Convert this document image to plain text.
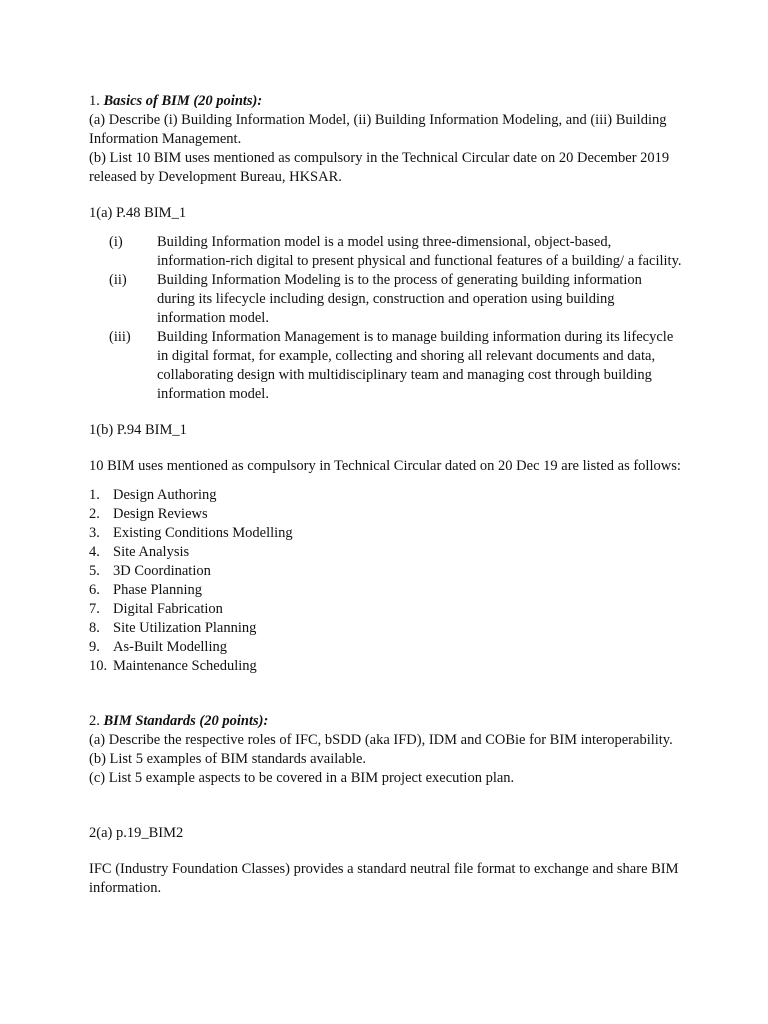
1. Basics of BIM (20 points):

(a) Describe (i) Building Information Model, (ii) Building Information Modeling, and (iii) Building Information Management.

(b) List 10 BIM uses mentioned as compulsory in the Technical Circular date on 20 December 2019 released by Development Bureau, HKSAR.

1(a) P.48 BIM_1

(i)	Building Information model is a model using three-dimensional, object-based, information-rich digital to present physical and functional features of a building/ a facility.
(ii)	Building Information Modeling is to the process of generating building information during its lifecycle including design, construction and operation using building information model.
(iii)	Building Information Management is to manage building information during its lifecycle in digital format, for example, collecting and shoring all relevant documents and data, collaborating design with multidisciplinary team and managing cost through building information model.

1(b) P.94 BIM_1

10 BIM uses mentioned as compulsory in Technical Circular dated on 20 Dec 19 are listed as follows:

1. Design Authoring
2. Design Reviews
3. Existing Conditions Modelling
4. Site Analysis
5. 3D Coordination
6. Phase Planning
7. Digital Fabrication
8. Site Utilization Planning
9. As-Built Modelling
10. Maintenance Scheduling

2. BIM Standards (20 points):

(a) Describe the respective roles of IFC, bSDD (aka IFD), IDM and COBie for BIM interoperability.

(b) List 5 examples of BIM standards available.

(c) List 5 example aspects to be covered in a BIM project execution plan.

2(a) p.19_BIM2

IFC (Industry Foundation Classes) provides a standard neutral file format to exchange and share BIM information.
